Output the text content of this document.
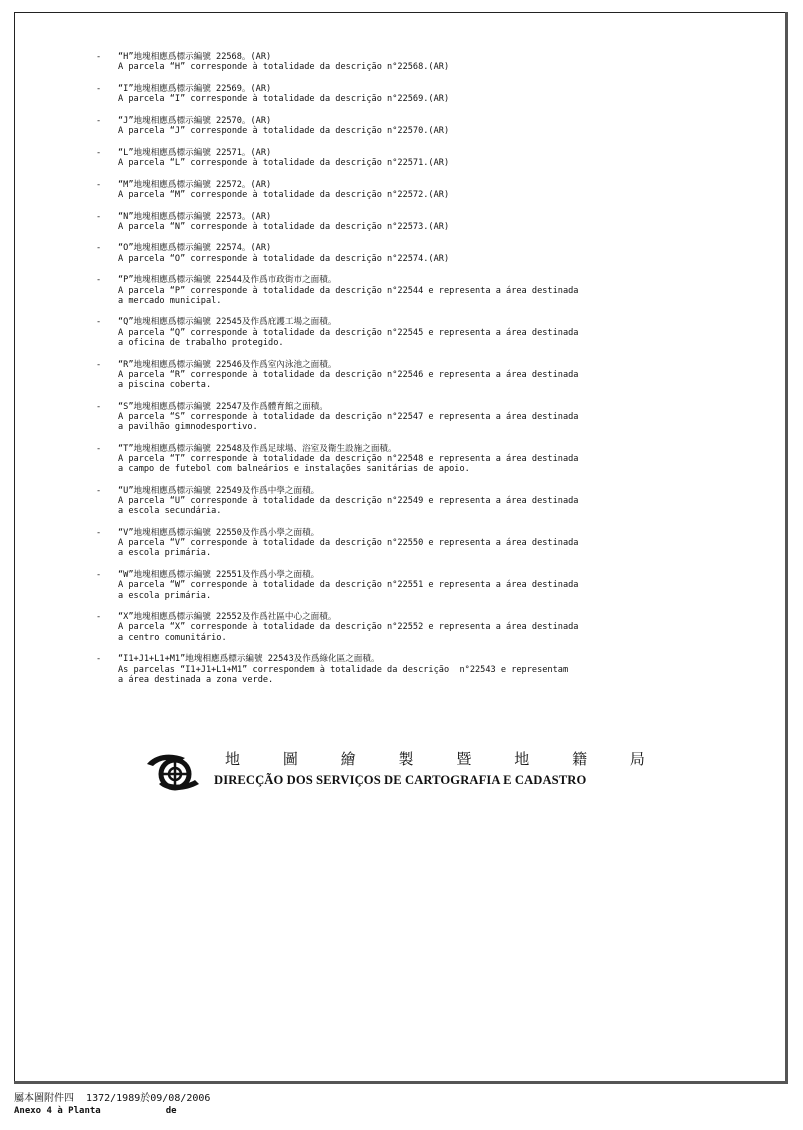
- “H”地塊相應爲標示編號 22568。(AR)
A parcela “H” corresponde à totalidade da descrição n°22568.(AR)
- “I”地塊相應爲標示編號 22569。(AR)
A parcela “I” corresponde à totalidade da descrição n°22569.(AR)
- “J”地塊相應爲標示編號 22570。(AR)
A parcela “J” corresponde à totalidade da descrição n°22570.(AR)
- “L”地塊相應爲標示編號 22571。(AR)
A parcela “L” corresponde à totalidade da descrição n°22571.(AR)
- “M”地塊相應爲標示編號 22572。(AR)
A parcela “M” corresponde à totalidade da descrição n°22572.(AR)
- “N”地塊相應爲標示編號 22573。(AR)
A parcela “N” corresponde à totalidade da descrição n°22573.(AR)
- “O”地塊相應爲標示編號 22574。(AR)
A parcela “O” corresponde à totalidade da descrição n°22574.(AR)
- “P”地塊相應爲標示編號 22544及作爲市政街市之面積。
A parcela “P” corresponde à totalidade da descrição n°22544 e representa a área destinada
a mercado municipal.
- “Q”地塊相應爲標示編號 22545及作爲庇護工場之面積。
A parcela “Q” corresponde à totalidade da descrição n°22545 e representa a área destinada
a oficina de trabalho protegido.
- “R”地塊相應爲標示編號 22546及作爲室內泳池之面積。
A parcela “R” corresponde à totalidade da descrição n°22546 e representa a área destinada
a piscina coberta.
- “S”地塊相應爲標示編號 22547及作爲體育館之面積。
A parcela “S” corresponde à totalidade da descrição n°22547 e representa a área destinada
a pavilhão gimnodesportivo.
- “T”地塊相應爲標示編號 22548及作爲足球場、浴室及衛生設施之面積。
A parcela “T” corresponde à totalidade da descrição n°22548 e representa a área destinada
a campo de futebol com balneários e instalações sanitárias de apoio.
- “U”地塊相應爲標示編號 22549及作爲中學之面積。
A parcela “U” corresponde à totalidade da descrição n°22549 e representa a área destinada
a escola secundária.
- “V”地塊相應爲標示編號 22550及作爲小學之面積。
A parcela “V” corresponde à totalidade da descrição n°22550 e representa a área destinada
a escola primária.
- “W”地塊相應爲標示編號 22551及作爲小學之面積。
A parcela “W” corresponde à totalidade da descrição n°22551 e representa a área destinada
a escola primária.
- “X”地塊相應爲標示編號 22552及作爲社區中心之面積。
A parcela “X” corresponde à totalidade da descrição n°22552 e representa a área destinada
a centro comunitário.
- “I1+J1+L1+M1”地塊相應爲標示編號 22543及作爲綠化區之面積。
As parcelas “I1+J1+L1+M1” correspondem à totalidade da descrição  n°22543 e representam
a área destinada a zona verde.
地	圖	繪	製	暨	地	籍	局
DIRECÇÃO DOS SERVIÇOS DE CARTOGRAFIA E CADASTRO
屬本圖附件四
1372/1989 於09/08/2006
Anexo 4 à Planta
	de
